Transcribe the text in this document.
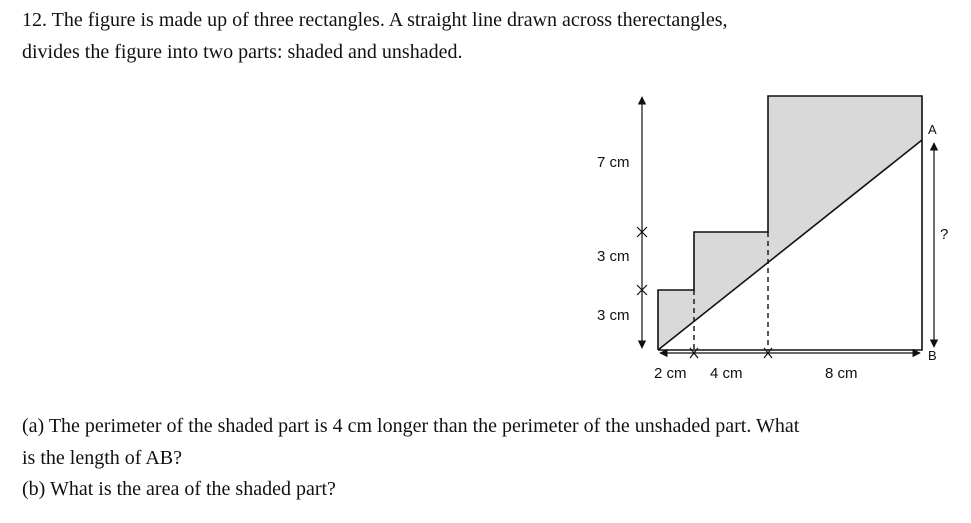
12. The figure is made up of three rectangles. A straight line drawn across therectangles,
divides the figure into two parts: shaded and unshaded.

7 cm
3 cm
3 cm
2 cm 4 cm	8 cm
?
A
B

(a) The perimeter of the shaded part is 4 cm longer than the perimeter of the unshaded part. What
is the length of AB?

(b) What is the area of the shaded part?
